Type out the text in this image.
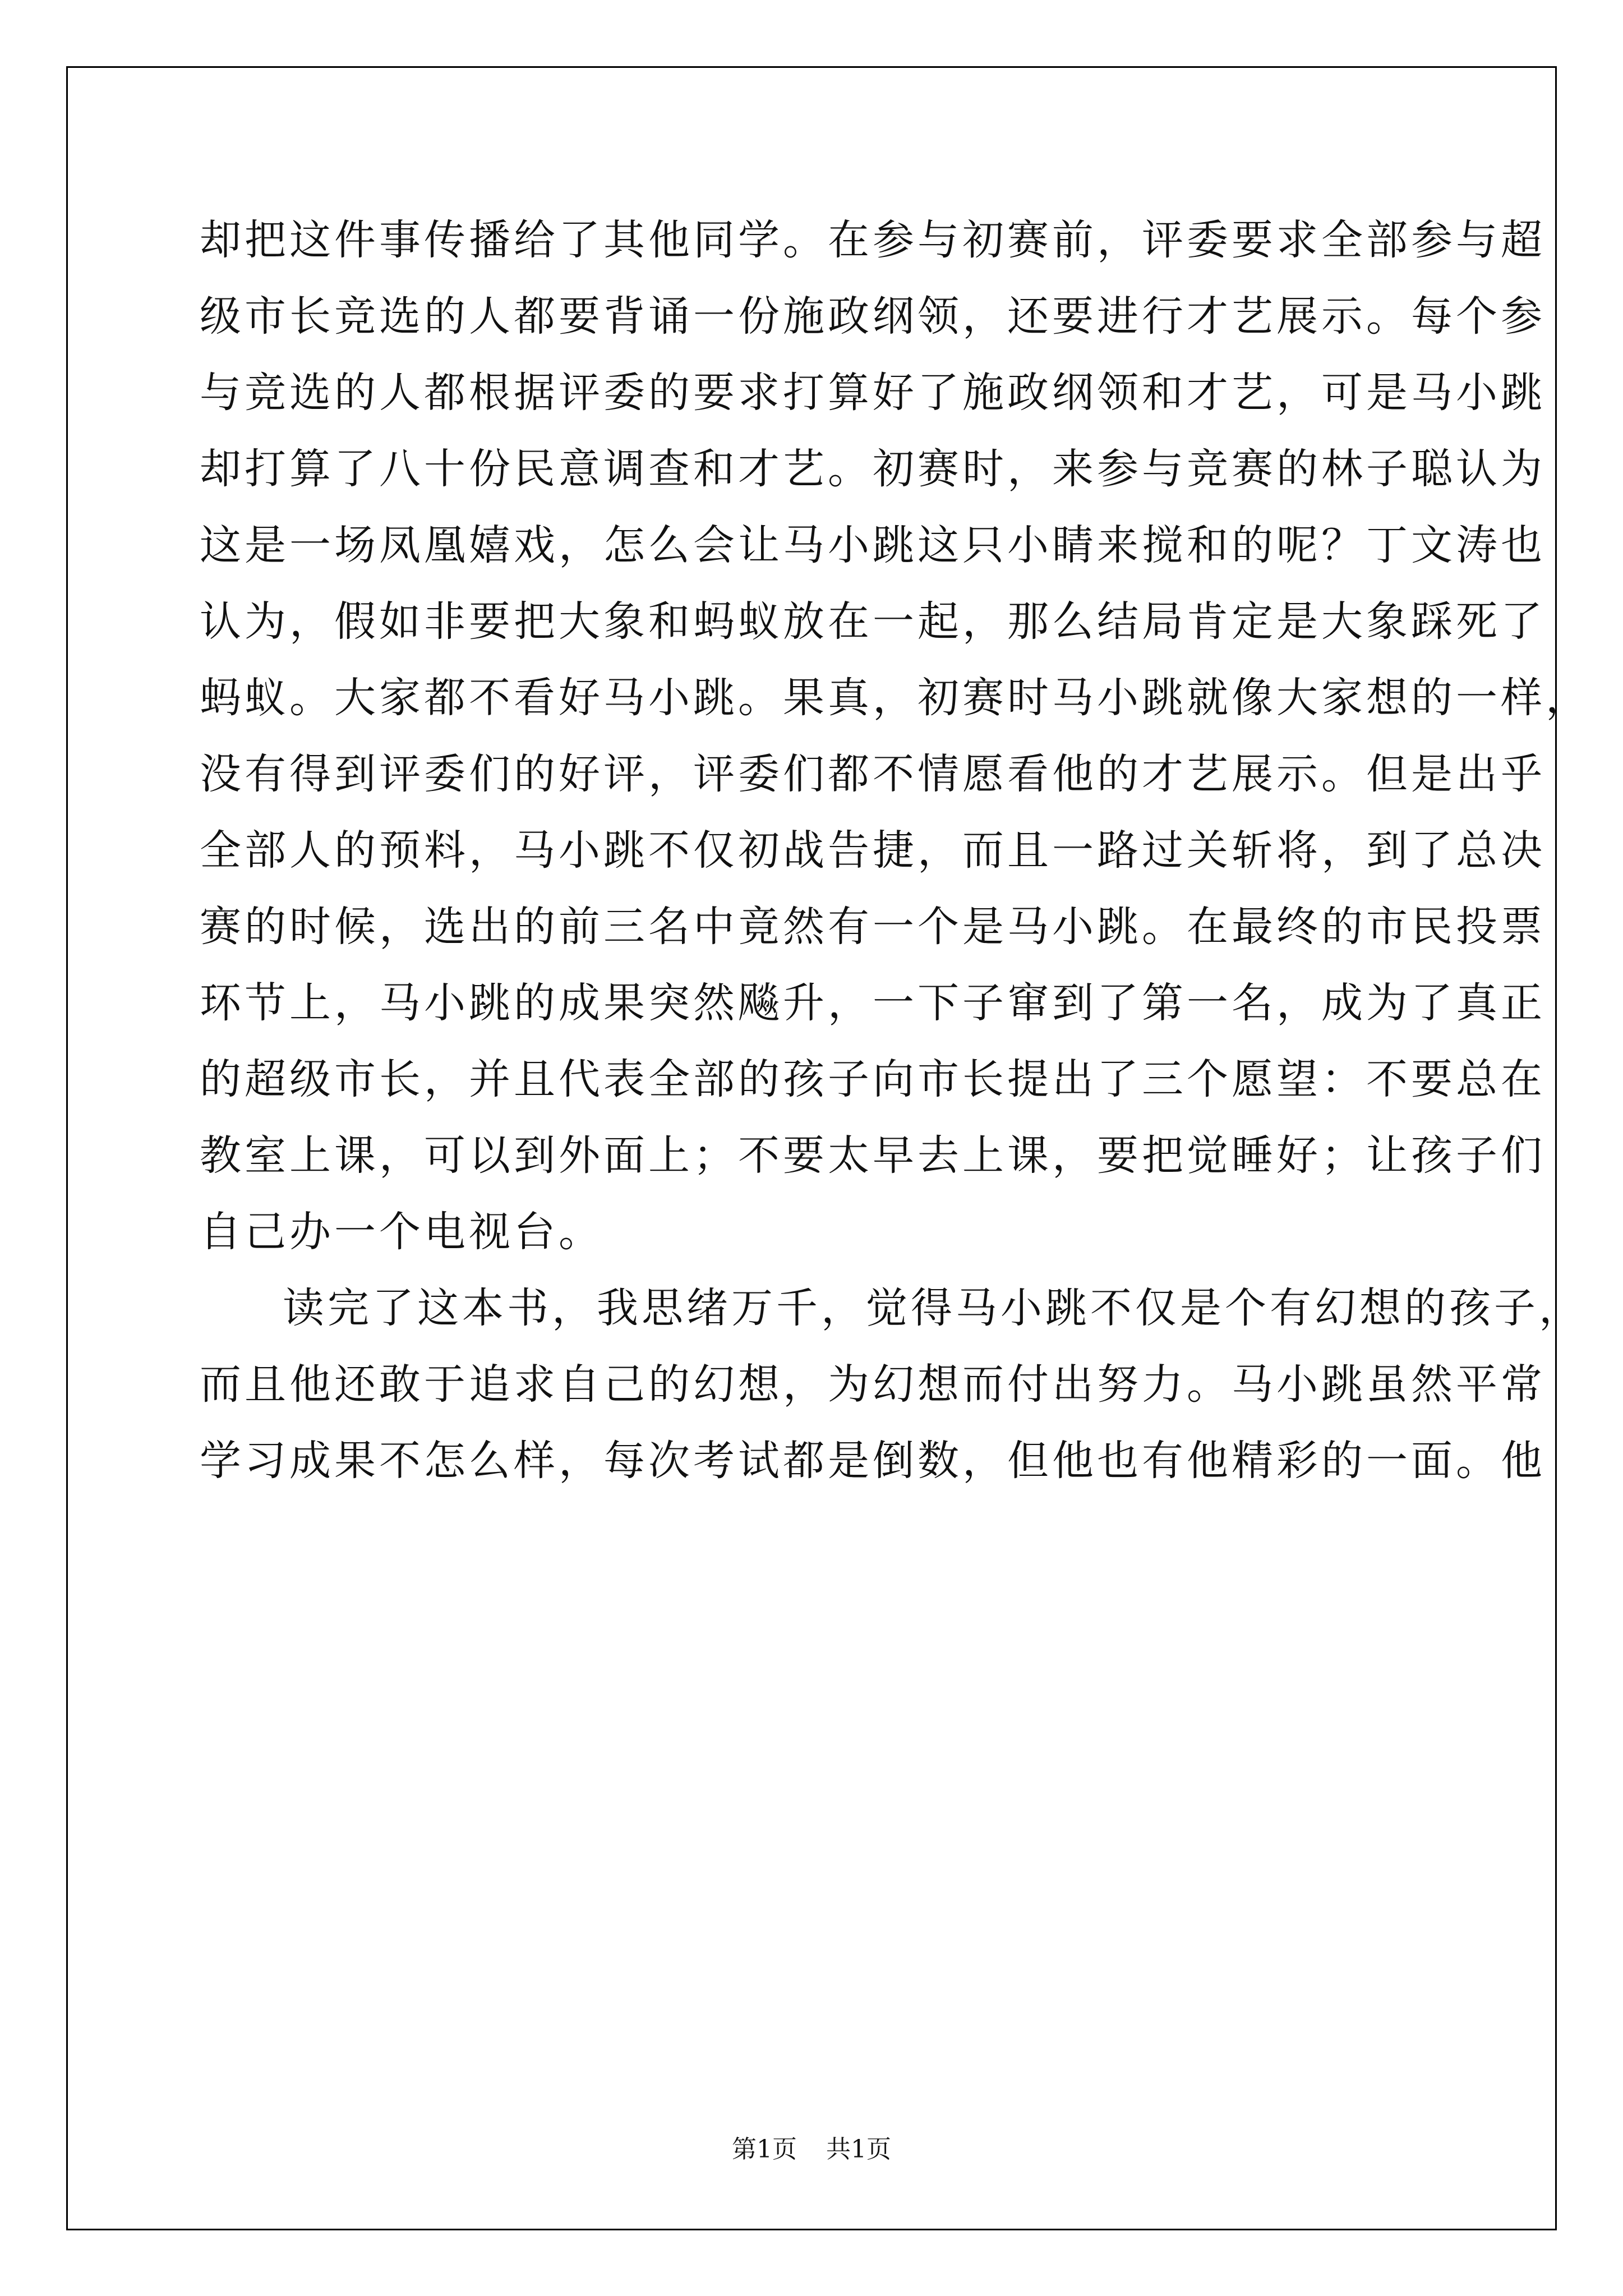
却把这件事传播给了其他同学。在参与初赛前，评委要求全部参与超
级市长竞选的人都要背诵一份施政纲领，还要进行才艺展示。每个参
与竞选的人都根据评委的要求打算好了施政纲领和才艺，可是马小跳
却打算了八十份民意调查和才艺。初赛时，来参与竞赛的林子聪认为
这是一场凤凰嬉戏，怎么会让马小跳这只小睛来搅和的呢？丁文涛也
认为，假如非要把大象和蚂蚁放在一起，那么结局肯定是大象踩死了
蚂蚁。大家都不看好马小跳。果真，初赛时马小跳就像大家想的一样，
没有得到评委们的好评，评委们都不情愿看他的才艺展示。但是出乎
全部人的预料，马小跳不仅初战告捷，而且一路过关斩将，到了总决
赛的时候，选出的前三名中竟然有一个是马小跳。在最终的市民投票
环节上，马小跳的成果突然飚升，一下子窜到了第一名，成为了真正
的超级市长，并且代表全部的孩子向市长提出了三个愿望：不要总在
教室上课，可以到外面上；不要太早去上课，要把觉睡好；让孩子们
自己办一个电视台。
读完了这本书，我思绪万千，觉得马小跳不仅是个有幻想的孩子，
而且他还敢于追求自己的幻想，为幻想而付出努力。马小跳虽然平常
学习成果不怎么样，每次考试都是倒数，但他也有他精彩的一面。他
第1页 共1页
